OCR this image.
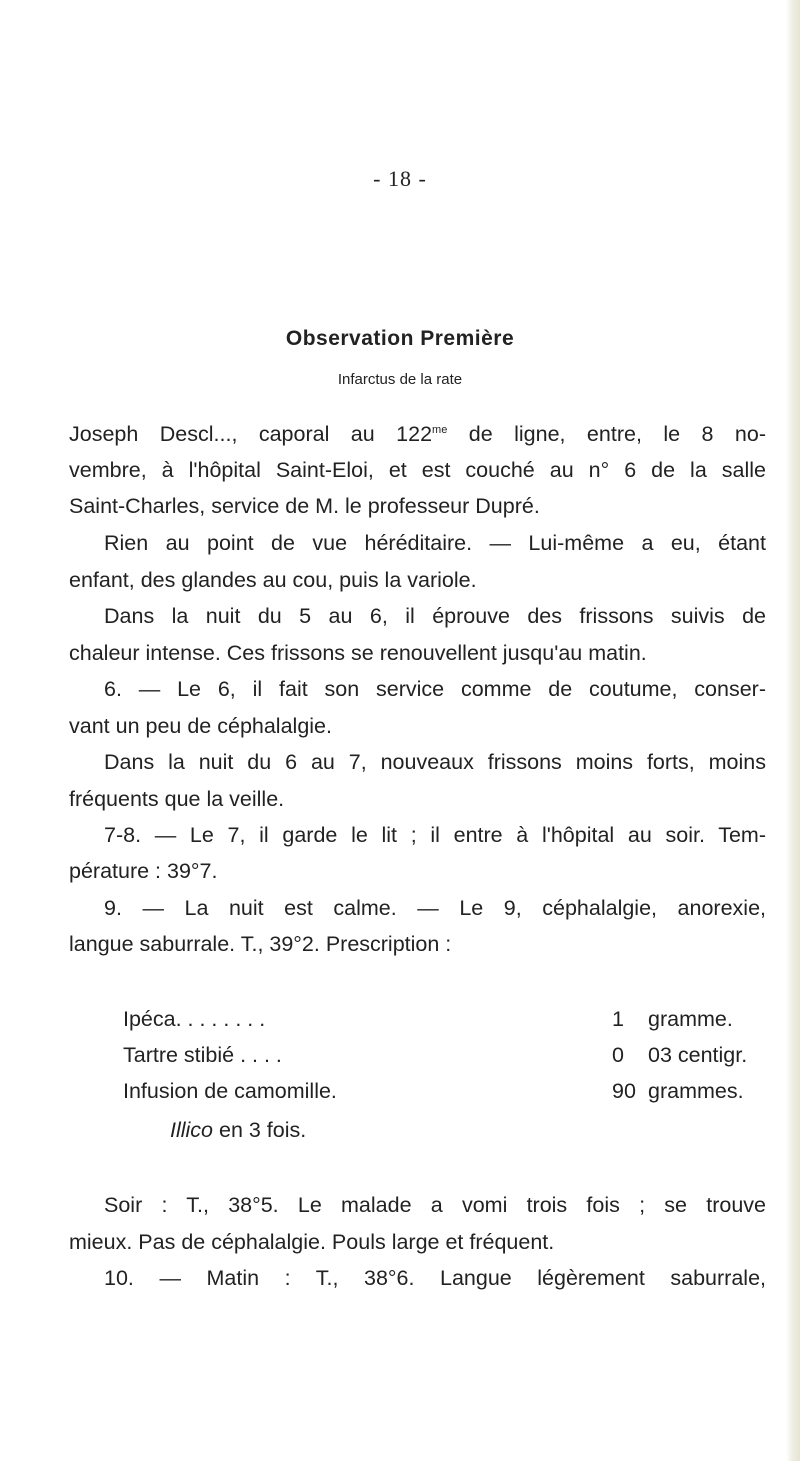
- 18 -
Observation Première
Infarctus de la rate
Joseph Descl..., caporal au $122^{me}$ de ligne, entre, le 8 no-
vembre, à l'hôpital Saint-Eloi, et est couché au n° 6 de la salle
Saint-Charles, service de M. le professeur Dupré.
Rien au point de vue héréditaire. — Lui-même a eu, étant
enfant, des glandes au cou, puis la variole.
Dans la nuit du 5 au 6, il éprouve des frissons suivis de
chaleur intense. Ces frissons se renouvellent jusqu'au matin.
6. — Le 6, il fait son service comme de coutume, conser-
vant un peu de céphalalgie.
Dans la nuit du 6 au 7, nouveaux frissons moins forts, moins
fréquents que la veille.
7-8. — Le 7, il garde le lit ; il entre à l'hôpital au soir. Tem-
pérature : 39°7.
9. — La nuit est calme. — Le 9, céphalalgie, anorexie,
langue saburrale. T., 39°2. Prescription :
Ipéca. . . . . . . .	1 gramme.
Tartre stibié . . . .	0 03 centigr.
Infusion de camomille.	90 grammes.
Illico en 3 fois.
Soir : T., 38°5. Le malade a vomi trois fois ; se trouve
mieux. Pas de céphalalgie. Pouls large et fréquent.
10. — Matin : T., 38°6. Langue légèrement saburrale,
